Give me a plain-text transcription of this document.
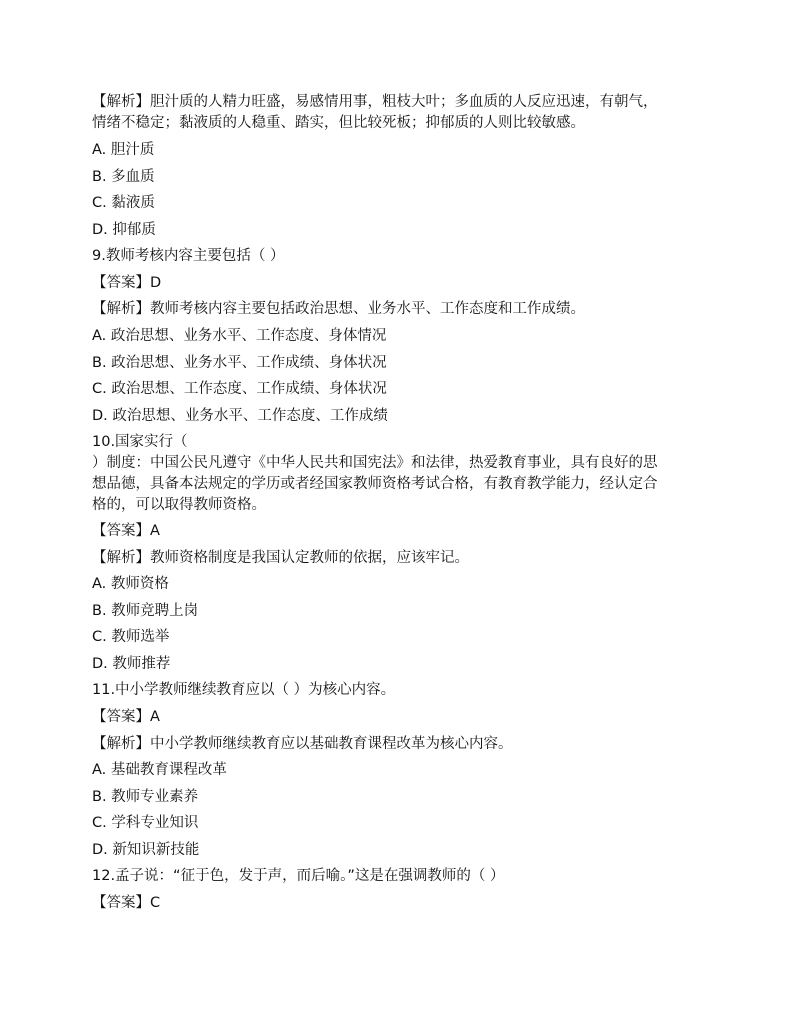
【解析】胆汁质的人精力旺盛，易感情用事，粗枝大叶；多血质的人反应迅速，有朝气，
情绪不稳定；黏液质的人稳重、踏实，但比较死板；抑郁质的人则比较敏感。
A. 胆汁质
B. 多血质
C. 黏液质
D. 抑郁质
9.教师考核内容主要包括（ ）
【答案】D
【解析】教师考核内容主要包括政治思想、业务水平、工作态度和工作成绩。
A. 政治思想、业务水平、工作态度、身体情况
B. 政治思想、业务水平、工作成绩、身体状况
C. 政治思想、工作态度、工作成绩、身体状况
D. 政治思想、业务水平、工作态度、工作成绩
10.国家实行（
）制度：中国公民凡遵守《中华人民共和国宪法》和法律，热爱教育事业，具有良好的思
想品德，具备本法规定的学历或者经国家教师资格考试合格，有教育教学能力，经认定合
格的，可以取得教师资格。
【答案】A
【解析】教师资格制度是我国认定教师的依据，应该牢记。
A. 教师资格
B. 教师竞聘上岗
C. 教师选举
D. 教师推荐
11.中小学教师继续教育应以（ ）为核心内容。
【答案】A
【解析】中小学教师继续教育应以基础教育课程改革为核心内容。
A. 基础教育课程改革
B. 教师专业素养
C. 学科专业知识
D. 新知识新技能
12.孟子说：“征于色，发于声，而后喻。”这是在强调教师的（ ）
【答案】C
